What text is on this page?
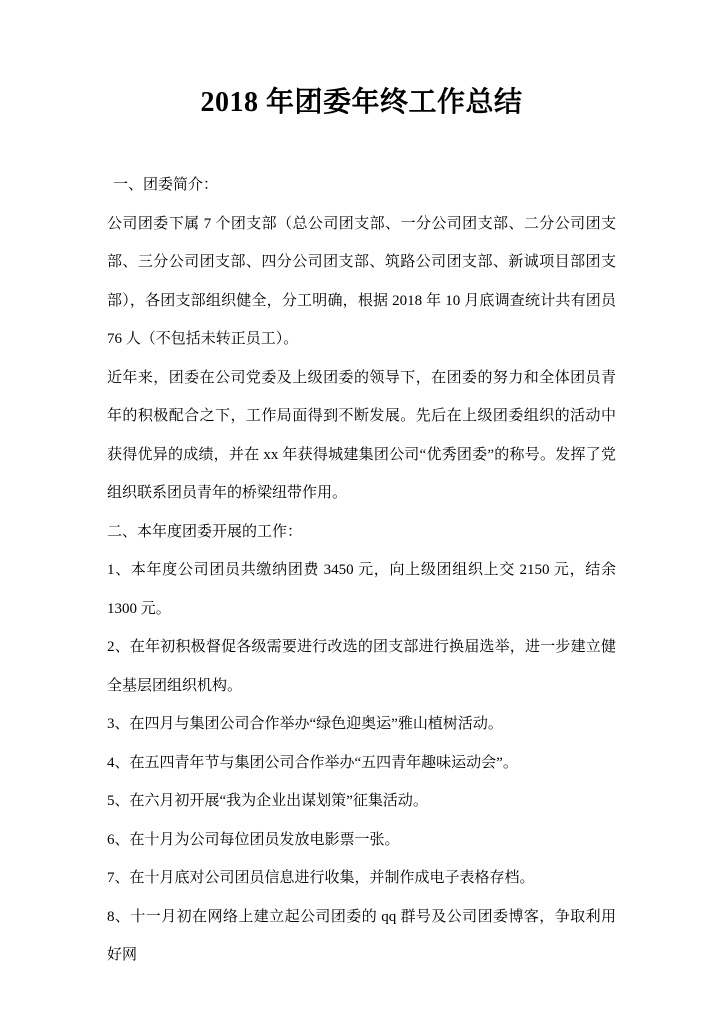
2018 年团委年终工作总结

一、团委简介：

公司团委下属 7 个团支部（总公司团支部、一分公司团支部、二分公司团支部、三分公司团支部、四分公司团支部、筑路公司团支部、新诚项目部团支部），各团支部组织健全，分工明确，根据 2018 年 10 月底调查统计共有团员 76 人（不包括未转正员工）。

近年来，团委在公司党委及上级团委的领导下，在团委的努力和全体团员青年的积极配合之下，工作局面得到不断发展。先后在上级团委组织的活动中获得优异的成绩，并在 xx 年获得城建集团公司“优秀团委”的称号。发挥了党组织联系团员青年的桥梁纽带作用。

二、本年度团委开展的工作：

1、本年度公司团员共缴纳团费 3450 元，向上级团组织上交 2150 元，结余 1300 元。

2、在年初积极督促各级需要进行改选的团支部进行换届选举，进一步建立健全基层团组织机构。

3、在四月与集团公司合作举办“绿色迎奥运”雅山植树活动。

4、在五四青年节与集团公司合作举办“五四青年趣味运动会”。

5、在六月初开展“我为企业出谋划策”征集活动。

6、在十月为公司每位团员发放电影票一张。

7、在十月底对公司团员信息进行收集，并制作成电子表格存档。

8、十一月初在网络上建立起公司团委的 qq 群号及公司团委博客，争取利用好网
